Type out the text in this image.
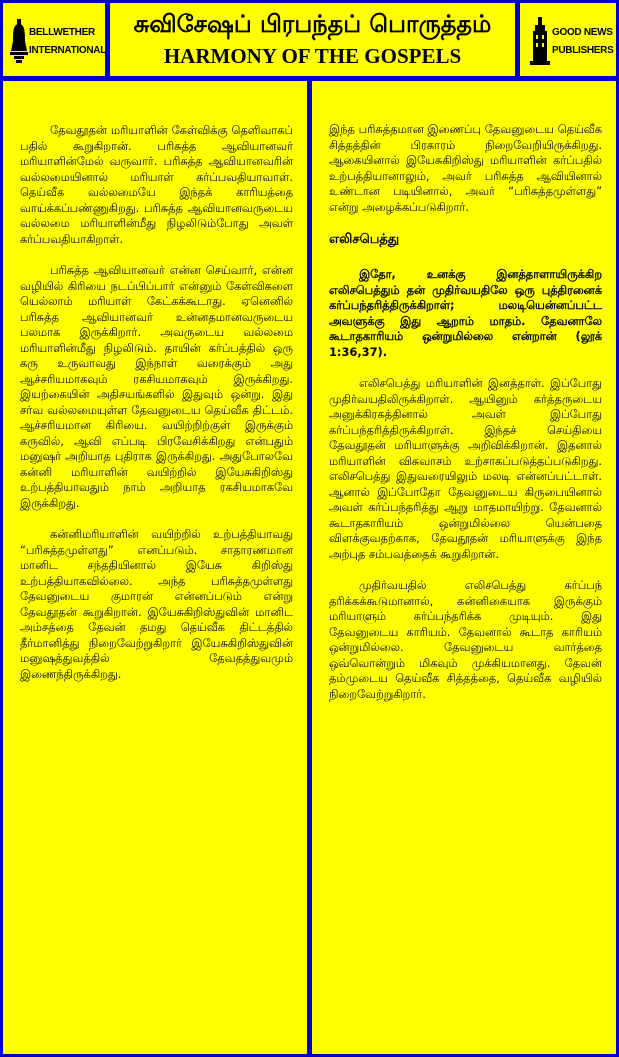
BELLWETHER
INTERNATIONAL
சுவிசேஷப் பிரபந்தப் பொருத்தம்
HARMONY OF THE GOSPELS
GOOD NEWS
PUBLISHERS

தேவதூதன் மரியாளின் கேள்விக்கு தெளிவாகப் பதில் கூறுகிறான். பரிசுத்த ஆவியானவர் மரியாளின்மேல் வருவார். பரிசுத்த ஆவியானவரின் வல்லமையினால் மரியாள் கர்ப்பவதியாவாள். தெய்வீக வல்லமையே இந்தக் காரியத்தை வாய்க்கப்பண்ணுகிறது. பரிசுத்த ஆவியானவருடைய வல்லமை மரியாளின்மீது நிழலிடும்போது அவள் கர்ப்பவதியாகிறாள்.

பரிசுத்த ஆவியானவர் என்ன செய்வார், என்ன வழியில் கிரியை நடப்பிப்பார் என்னும் கேள்விகளை யெல்லாம் மரியாள் கேட்கக்கூடாது. ஏனெனில் பரிசுத்த ஆவியானவர் உன்னதமானவருடைய பலமாக இருக்கிறார். அவருடைய வல்லமை மரியாளின்மீது நிழலிடும். தாயின் கர்ப்பத்தில் ஒரு கரு உருவாவது இந்நாள் வரைக்கும் அது ஆச்சரியமாகவும் ரகசியமாகவும் இருக்கிறது. இயற்கையின் அதிசயங்களில் இதுவும் ஒன்று. இது சர்வ வல்லமையுள்ள தேவனுடைய தெய்வீக திட்டம். ஆச்சரியமான கிரியை. வயிற்றிற்குள் இருக்கும் கருவில், ஆவி எப்படி பிரவேசிக்கிறது என்பதும் மனுஷர் அறியாத புதிராக இருக்கிறது. அதுபோலவே கன்னி மரியாளின் வயிற்றில் இயேசுகிறிஸ்து உற்பத்தியாவதும் நாம் அறியாத ரகசியமாகவே இருக்கிறது.

கன்னிமரியாளின் வயிற்றில் உற்பத்தியாவது “பரிசுத்தமுள்ளது” எனப்படும். சாதாரணமான மானிட சந்ததியினால் இயேசு கிறிஸ்து உற்பத்தியாகவில்லை. அந்த பரிசுத்தமுள்ளது தேவனுடைய குமாரன் என்னப்படும் என்று தேவதூதன் கூறுகிறான். இயேசுகிறிஸ்துவின் மானிட அம்சத்தை தேவன் தமது தெய்வீக திட்டத்தில் தீர்மானித்து நிறைவேற்றுகிறார் இயேசுகிறிஸ்துவின் மனுஷத்துவத்தில் தேவதத்துவமும் இணைந்திருக்கிறது.

இந்த பரிசுத்தமான இணைப்பு தேவனுடைய தெய்வீக சித்தத்தின் பிரகாரம் நிறைவேறியிருக்கிறது. ஆகையினால் இயேசுகிறிஸ்து மரியாளின் கர்ப்பதில் உற்பத்தியானாலும், அவர் பரிசுத்த ஆவியினால் உண்டான படியினால், அவர் “பரிசுத்தமுள்ளது” என்று அழைக்கப்படுகிறார்.

எலிசபெத்து

இதோ, உனக்கு இனத்தாளாயிருக்கிற எலிசபெத்தும் தன் முதிர்வயதிலே ஒரு புத்திரனைக் கர்ப்பந்தரித்திருக்கிறாள்; மலடியென்னப்பட்ட அவளுக்கு இது ஆறாம் மாதம். தேவனாலே கூடாதகாரியம் ஒன்றுமில்லை என்றான் (லூக் 1:36,37).

எலிசபெத்து மரியாளின் இனத்தாள். இப்போது முதிர்வயதிலிருக்கிறாள். ஆயினும் கர்த்தருடைய அனுக்கிரகத்தினால் அவள் இப்போது கர்ப்பந்தரித்திருக்கிறாள். இந்தச் செய்தியை தேவதூதன் மரியாளுக்கு அறிவிக்கிறான். இதனால் மரியாளின் விசுவாசம் உற்சாகப்படுத்தப்படுகிறது. எலிசபெத்து இதுவரையிலும் மலடி என்னப்பட்டாள். ஆனால் இப்போதோ தேவனுடைய கிருபையினால் அவள் கர்ப்பந்தரித்து ஆறு மாதமாயிற்று. தேவனால் கூடாதகாரியம் ஒன்றுமில்லை யென்பதை விளக்குவதற்காக, தேவதூதன் மரியாளுக்கு இந்த அற்புத சம்பவத்தைக் கூறுகிறான்.

முதிர்வயதில் எலிசபெத்து கர்ப்பந் தரிக்கக்கூடுமானால், கன்னிகையாக இருக்கும் மரியாளும் கர்ப்பந்தரிக்க முடியும். இது தேவனுடைய காரியம். தேவனால் கூடாத காரியம் ஒன்றுமில்லை. தேவனுடைய வார்த்தை ஒவ்வொன்றும் மிகவும் முக்கியமானது. தேவன் தம்முடைய தெய்வீக சித்தத்தை, தெய்வீக வழியில் நிறைவேற்றுகிறார்.
